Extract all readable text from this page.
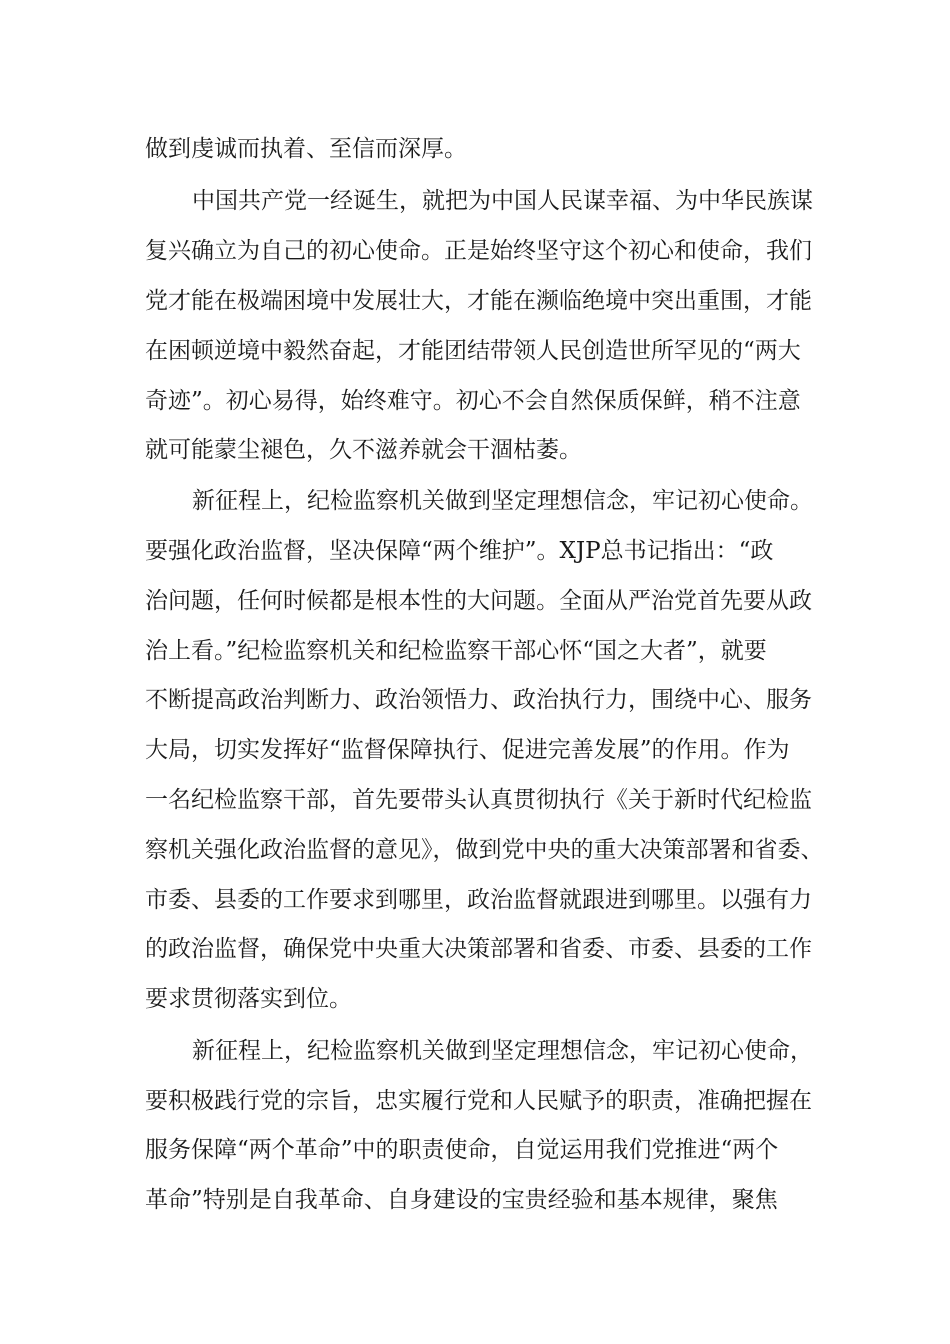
做到虔诚而执着、至信而深厚。
中国共产党一经诞生，就把为中国人民谋幸福、为中华民族谋
复兴确立为自己的初心使命。正是始终坚守这个初心和使命，我们
党才能在极端困境中发展壮大，才能在濒临绝境中突出重围，才能
在困顿逆境中毅然奋起，才能团结带领人民创造世所罕见的“两大
奇迹”。初心易得，始终难守。初心不会自然保质保鲜，稍不注意
就可能蒙尘褪色，久不滋养就会干涸枯萎。
新征程上，纪检监察机关做到坚定理想信念，牢记初心使命。
要强化政治监督，坚决保障“两个维护”。XJP总书记指出：“政
治问题，任何时候都是根本性的大问题。全面从严治党首先要从政
治上看。”纪检监察机关和纪检监察干部心怀“国之大者”，就要
不断提高政治判断力、政治领悟力、政治执行力，围绕中心、服务
大局，切实发挥好“监督保障执行、促进完善发展”的作用。作为
一名纪检监察干部，首先要带头认真贯彻执行《关于新时代纪检监
察机关强化政治监督的意见》，做到党中央的重大决策部署和省委、
市委、县委的工作要求到哪里，政治监督就跟进到哪里。以强有力
的政治监督，确保党中央重大决策部署和省委、市委、县委的工作
要求贯彻落实到位。
新征程上，纪检监察机关做到坚定理想信念，牢记初心使命，
要积极践行党的宗旨，忠实履行党和人民赋予的职责，准确把握在
服务保障“两个革命”中的职责使命，自觉运用我们党推进“两个
革命”特别是自我革命、自身建设的宝贵经验和基本规律，聚焦
